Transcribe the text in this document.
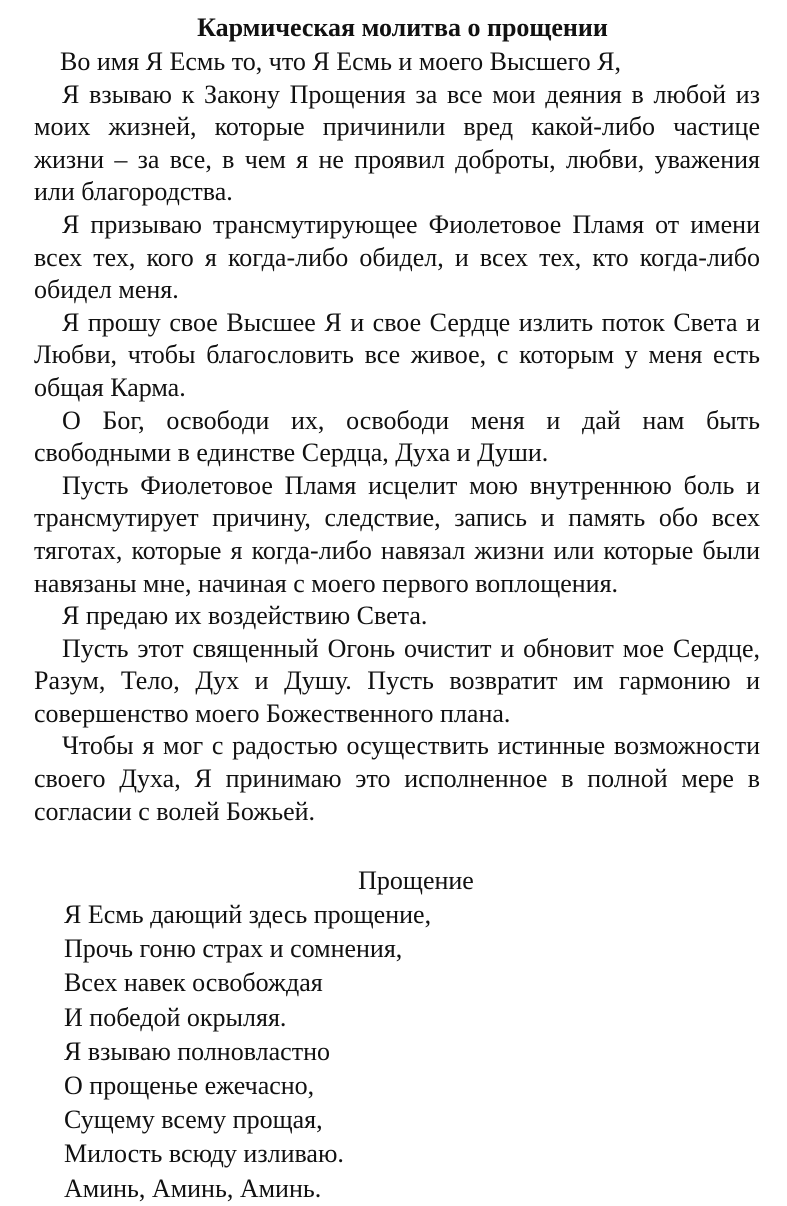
Кармическая молитва о прощении

Во имя Я Есмь то, что Я Есмь и моего Высшего Я,

Я взываю к Закону Прощения за все мои деяния в любой из моих жизней, которые причинили вред какой-либо частице жизни – за все, в чем я не проявил доброты, любви, уважения или благородства.

Я призываю трансмутирующее Фиолетовое Пламя от имени всех тех, кого я когда-либо обидел, и всех тех, кто когда-либо обидел меня.

Я прошу свое Высшее Я и свое Сердце излить поток Света и Любви, чтобы благословить все живое, с которым у меня есть общая Карма.

О Бог, освободи их, освободи меня и дай нам быть свободными в единстве Сердца, Духа и Души.

Пусть Фиолетовое Пламя исцелит мою внутреннюю боль и трансмутирует причину, следствие, запись и память обо всех тяготах, которые я когда-либо навязал жизни или которые были навязаны мне, начиная с моего первого воплощения.

Я предаю их воздействию Света.

Пусть этот священный Огонь очистит и обновит мое Сердце, Разум, Тело, Дух и Душу. Пусть возвратит им гармонию и совершенство моего Божественного плана.

Чтобы я мог с радостью осуществить истинные возможности своего Духа, Я принимаю это исполненное в полной мере в согласии с волей Божьей.

Прощение
Я Есмь дающий здесь прощение,
Прочь гоню страх и сомнения,
Всех навек освобождая
И победой окрыляя.
Я взываю полновластно
О прощенье ежечасно,
Сущему всему прощая,
Милость всюду изливаю.
Аминь, Аминь, Аминь.
